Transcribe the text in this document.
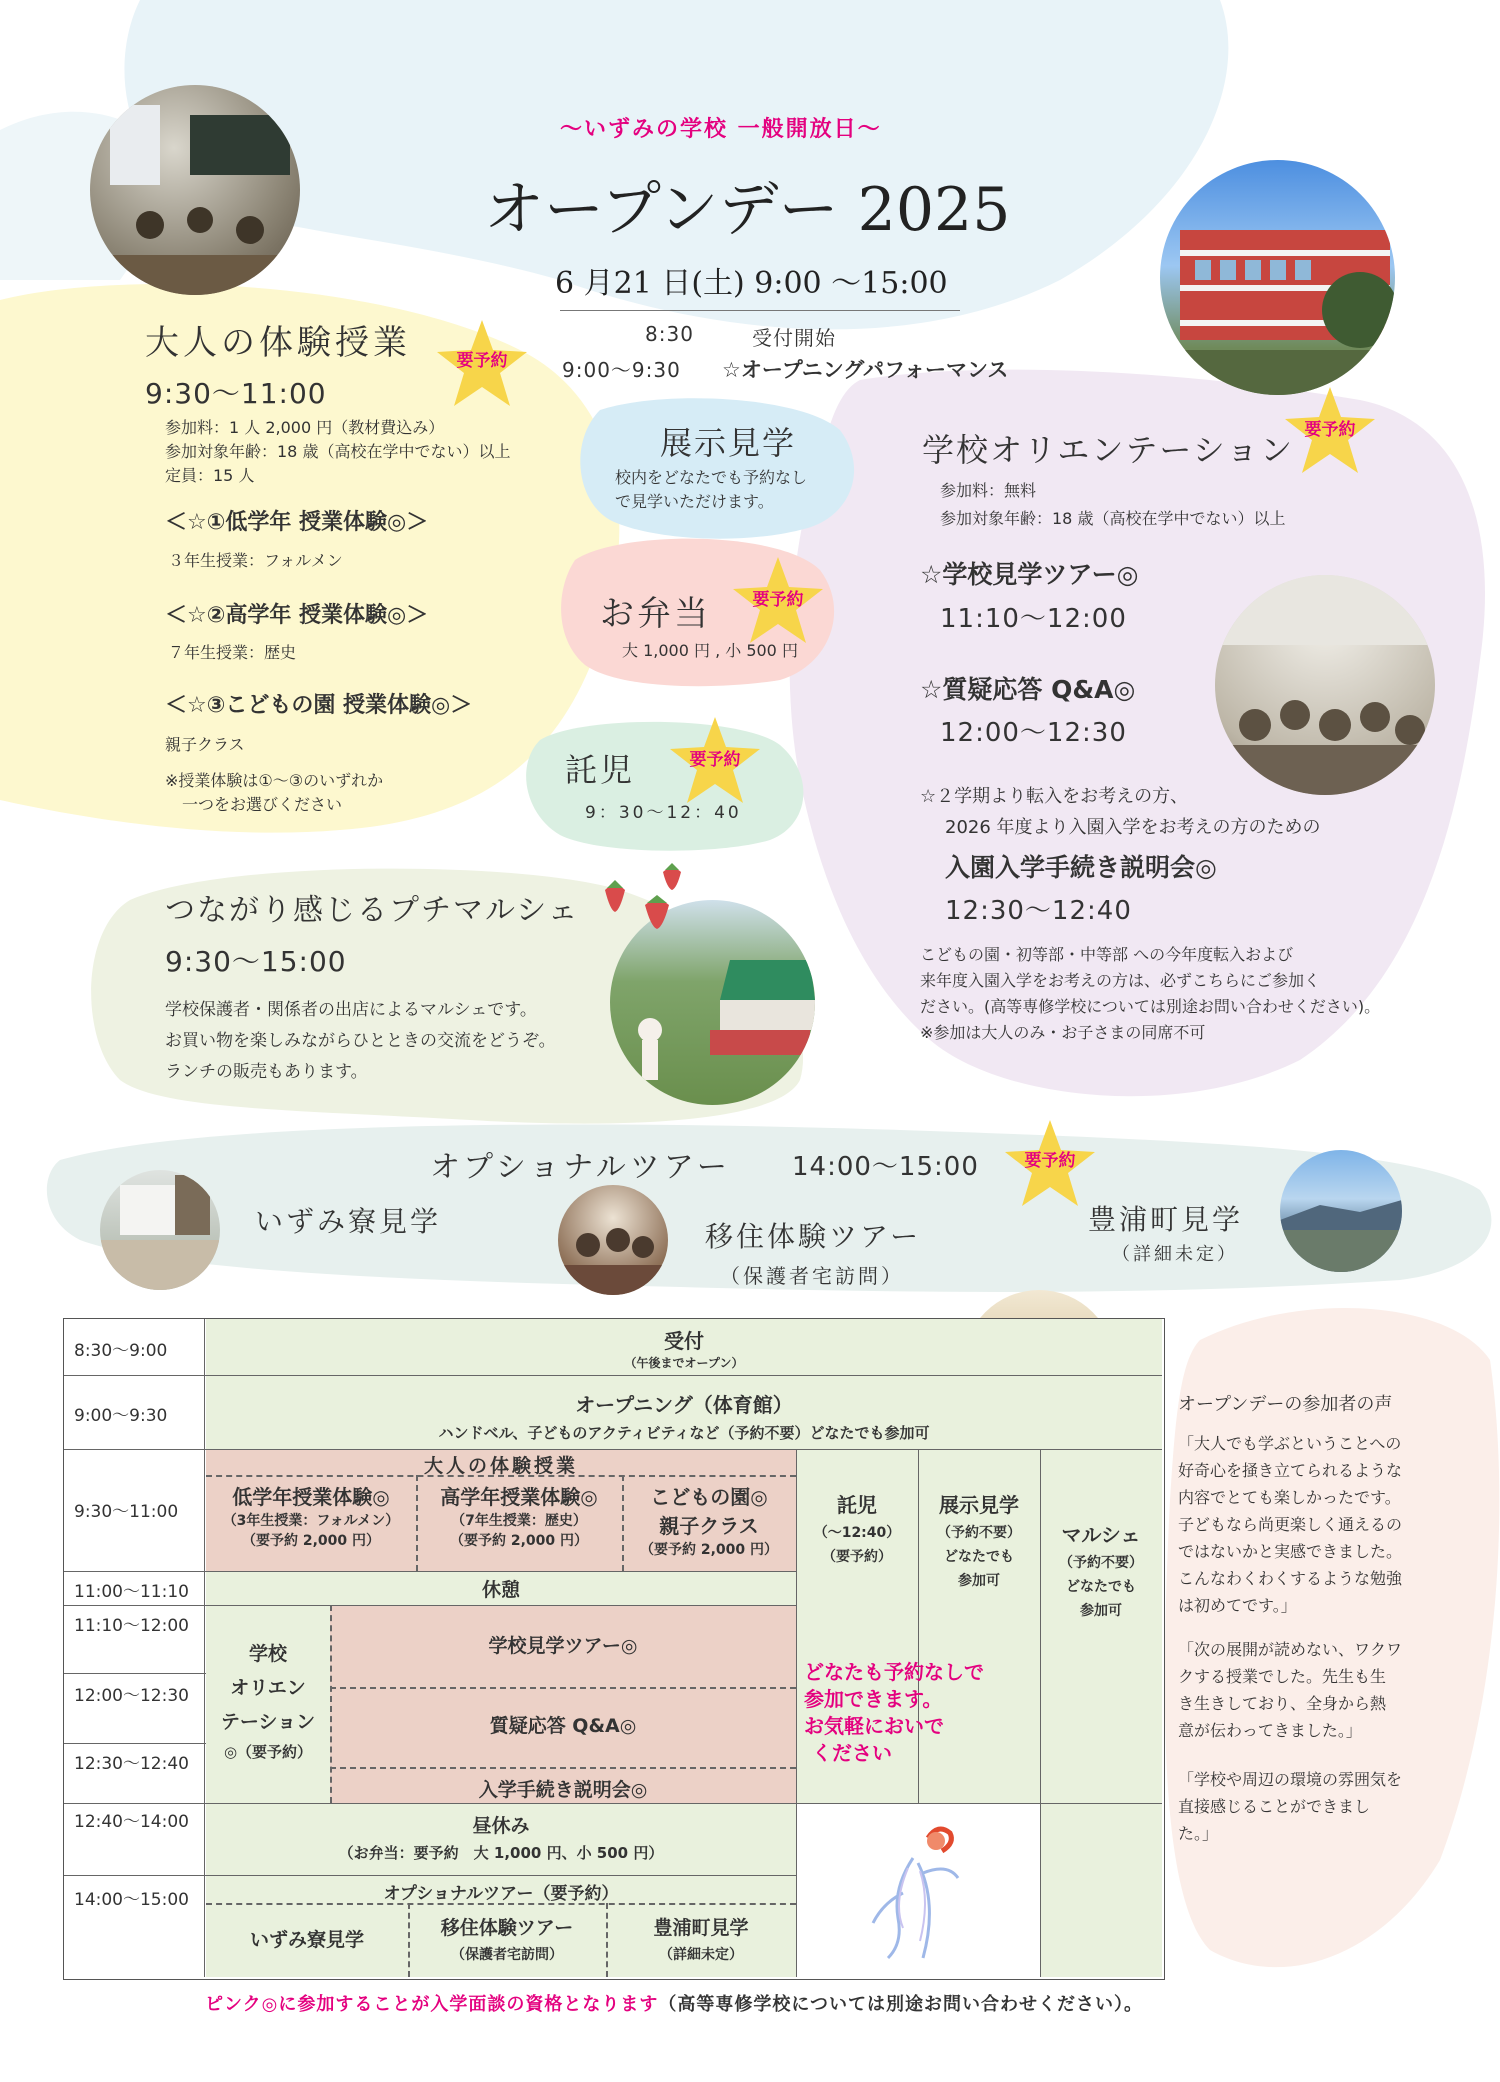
〜いずみの学校 一般開放日〜
オープンデー 2025
6 月21 日(土) 9:00 〜15:00
8:30	受付開始
9:00〜9:30 ☆オープニングパフォーマンス
要予約
要予約
要予約
要予約
要予約
大人の体験授業
9:30〜11:00
参加料：1 人 2,000 円（教材費込み）
参加対象年齢：18 歳（高校在学中でない）以上
定員：15 人
＜☆①低学年 授業体験◎＞
３年生授業：フォルメン
＜☆②高学年 授業体験◎＞
７年生授業：歴史
＜☆③こどもの園 授業体験◎＞
親子クラス
※授業体験は①〜③のいずれか
一つをお選びください
展示見学
校内をどなたでも予約なし
で見学いただけます。
お弁当
大 1,000 円 , 小 500 円
託児
9：30〜12：40
学校オリエンテーション
参加料：無料
参加対象年齢：18 歳（高校在学中でない）以上
☆学校見学ツアー◎
11:10〜12:00
☆質疑応答 Q&A◎
12:00〜12:30
☆２学期より転入をお考えの方、
2026 年度より入園入学をお考えの方のための
入園入学手続き説明会◎
12:30〜12:40
こどもの園・初等部・中等部 への今年度転入および
来年度入園入学をお考えの方は、必ずこちらにご参加く
ださい。(高等専修学校については別途お問い合わせください)。
※参加は大人のみ・お子さまの同席不可
つながり感じるプチマルシェ
9:30〜15:00
学校保護者・関係者の出店によるマルシェです。
お買い物を楽しみながらひとときの交流をどうぞ。
ランチの販売もあります。
オプショナルツアー 14:00〜15:00
いずみ寮見学	移住体験ツアー
（保護者宅訪問）
豊浦町見学
（詳細未定）
8:30〜9:00
9:00〜9:30
9:30〜11:00
11:00〜11:10
11:10〜12:00
12:00〜12:30
12:30〜12:40
12:40〜14:00
14:00〜15:00
受付
（午後までオープン）
オープニング（体育館）
ハンドベル、子どものアクティビティなど（予約不要）どなたでも参加可
大人の体験授業
低学年授業体験◎
（3年生授業：フォルメン）
（要予約 2,000 円）
高学年授業体験◎
（7年生授業：歴史）
（要予約 2,000 円）
こどもの園◎
親子クラス
（要予約 2,000 円）
託児
（〜12:40）
（要予約）
展示見学
（予約不要）
どなたでも
参加可
マルシェ
（予約不要）
どなたでも
参加可
休憩
学校
オリエン
テーション
◎（要予約）
学校見学ツアー◎
質疑応答 Q&A◎
入学手続き説明会◎
どなたも予約なしで
参加できます。
お気軽においで
ください
昼休み
（お弁当：要予約　大 1,000 円、小 500 円）
オプショナルツアー（要予約）
いずみ寮見学
移住体験ツアー
（保護者宅訪問）
豊浦町見学
（詳細未定）
オープンデーの参加者の声
「大人でも学ぶということへの
好奇心を掻き立てられるような
内容でとても楽しかったです。
子どもなら尚更楽しく通えるの
ではないかと実感できました。
こんなわくわくするような勉強
は初めてです。」
「次の展開が読めない、ワクワ
クする授業でした。先生も生
き生きしており、全身から熱
意が伝わってきました。」
「学校や周辺の環境の雰囲気を
直接感じることができまし
た。」
ピンク◎に参加することが入学面談の資格となります（高等専修学校については別途お問い合わせください）。
